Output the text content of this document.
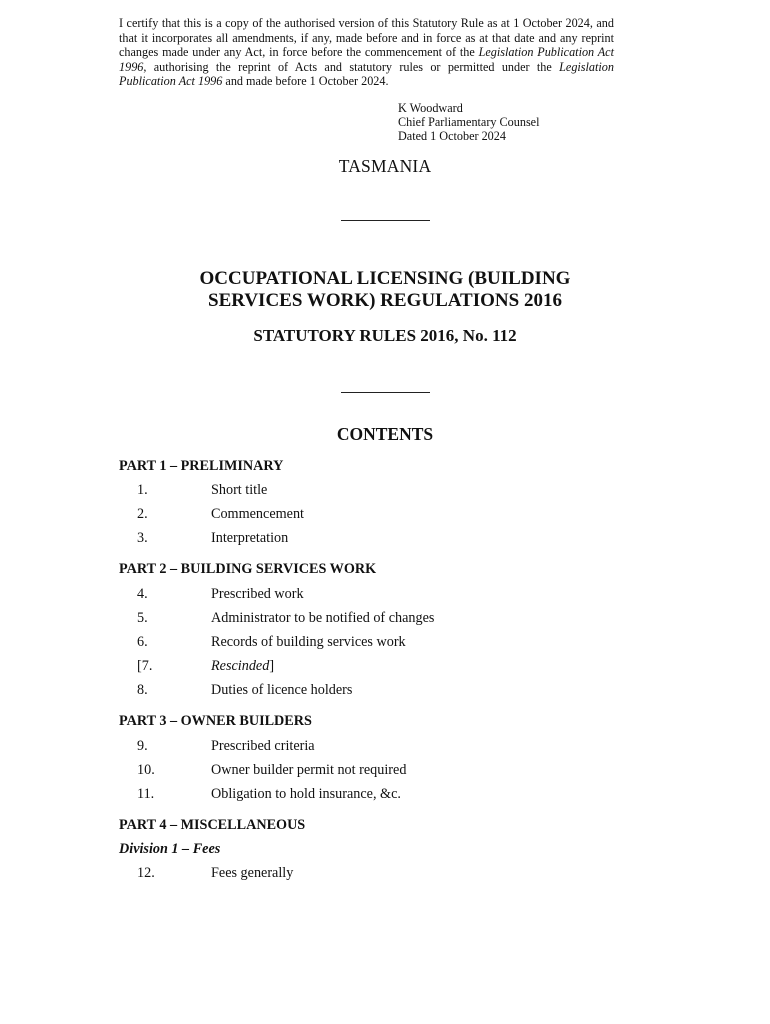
I certify that this is a copy of the authorised version of this Statutory Rule as at 1 October 2024, and that it incorporates all amendments, if any, made before and in force as at that date and any reprint changes made under any Act, in force before the commencement of the Legislation Publication Act 1996, authorising the reprint of Acts and statutory rules or permitted under the Legislation Publication Act 1996 and made before 1 October 2024.
K Woodward
Chief Parliamentary Counsel
Dated 1 October 2024
TASMANIA
OCCUPATIONAL LICENSING (BUILDING
SERVICES WORK) REGULATIONS 2016
STATUTORY RULES 2016, No. 112
CONTENTS
PART 1 – PRELIMINARY
1.	Short title
2.	Commencement
3.	Interpretation
PART 2 – BUILDING SERVICES WORK
4.	Prescribed work
5.	Administrator to be notified of changes
6.	Records of building services work
[7.	Rescinded]
8.	Duties of licence holders
PART 3 – OWNER BUILDERS
9.	Prescribed criteria
10.	Owner builder permit not required
11.	Obligation to hold insurance, &c.
PART 4 – MISCELLANEOUS
Division 1 – Fees
12.	Fees generally
